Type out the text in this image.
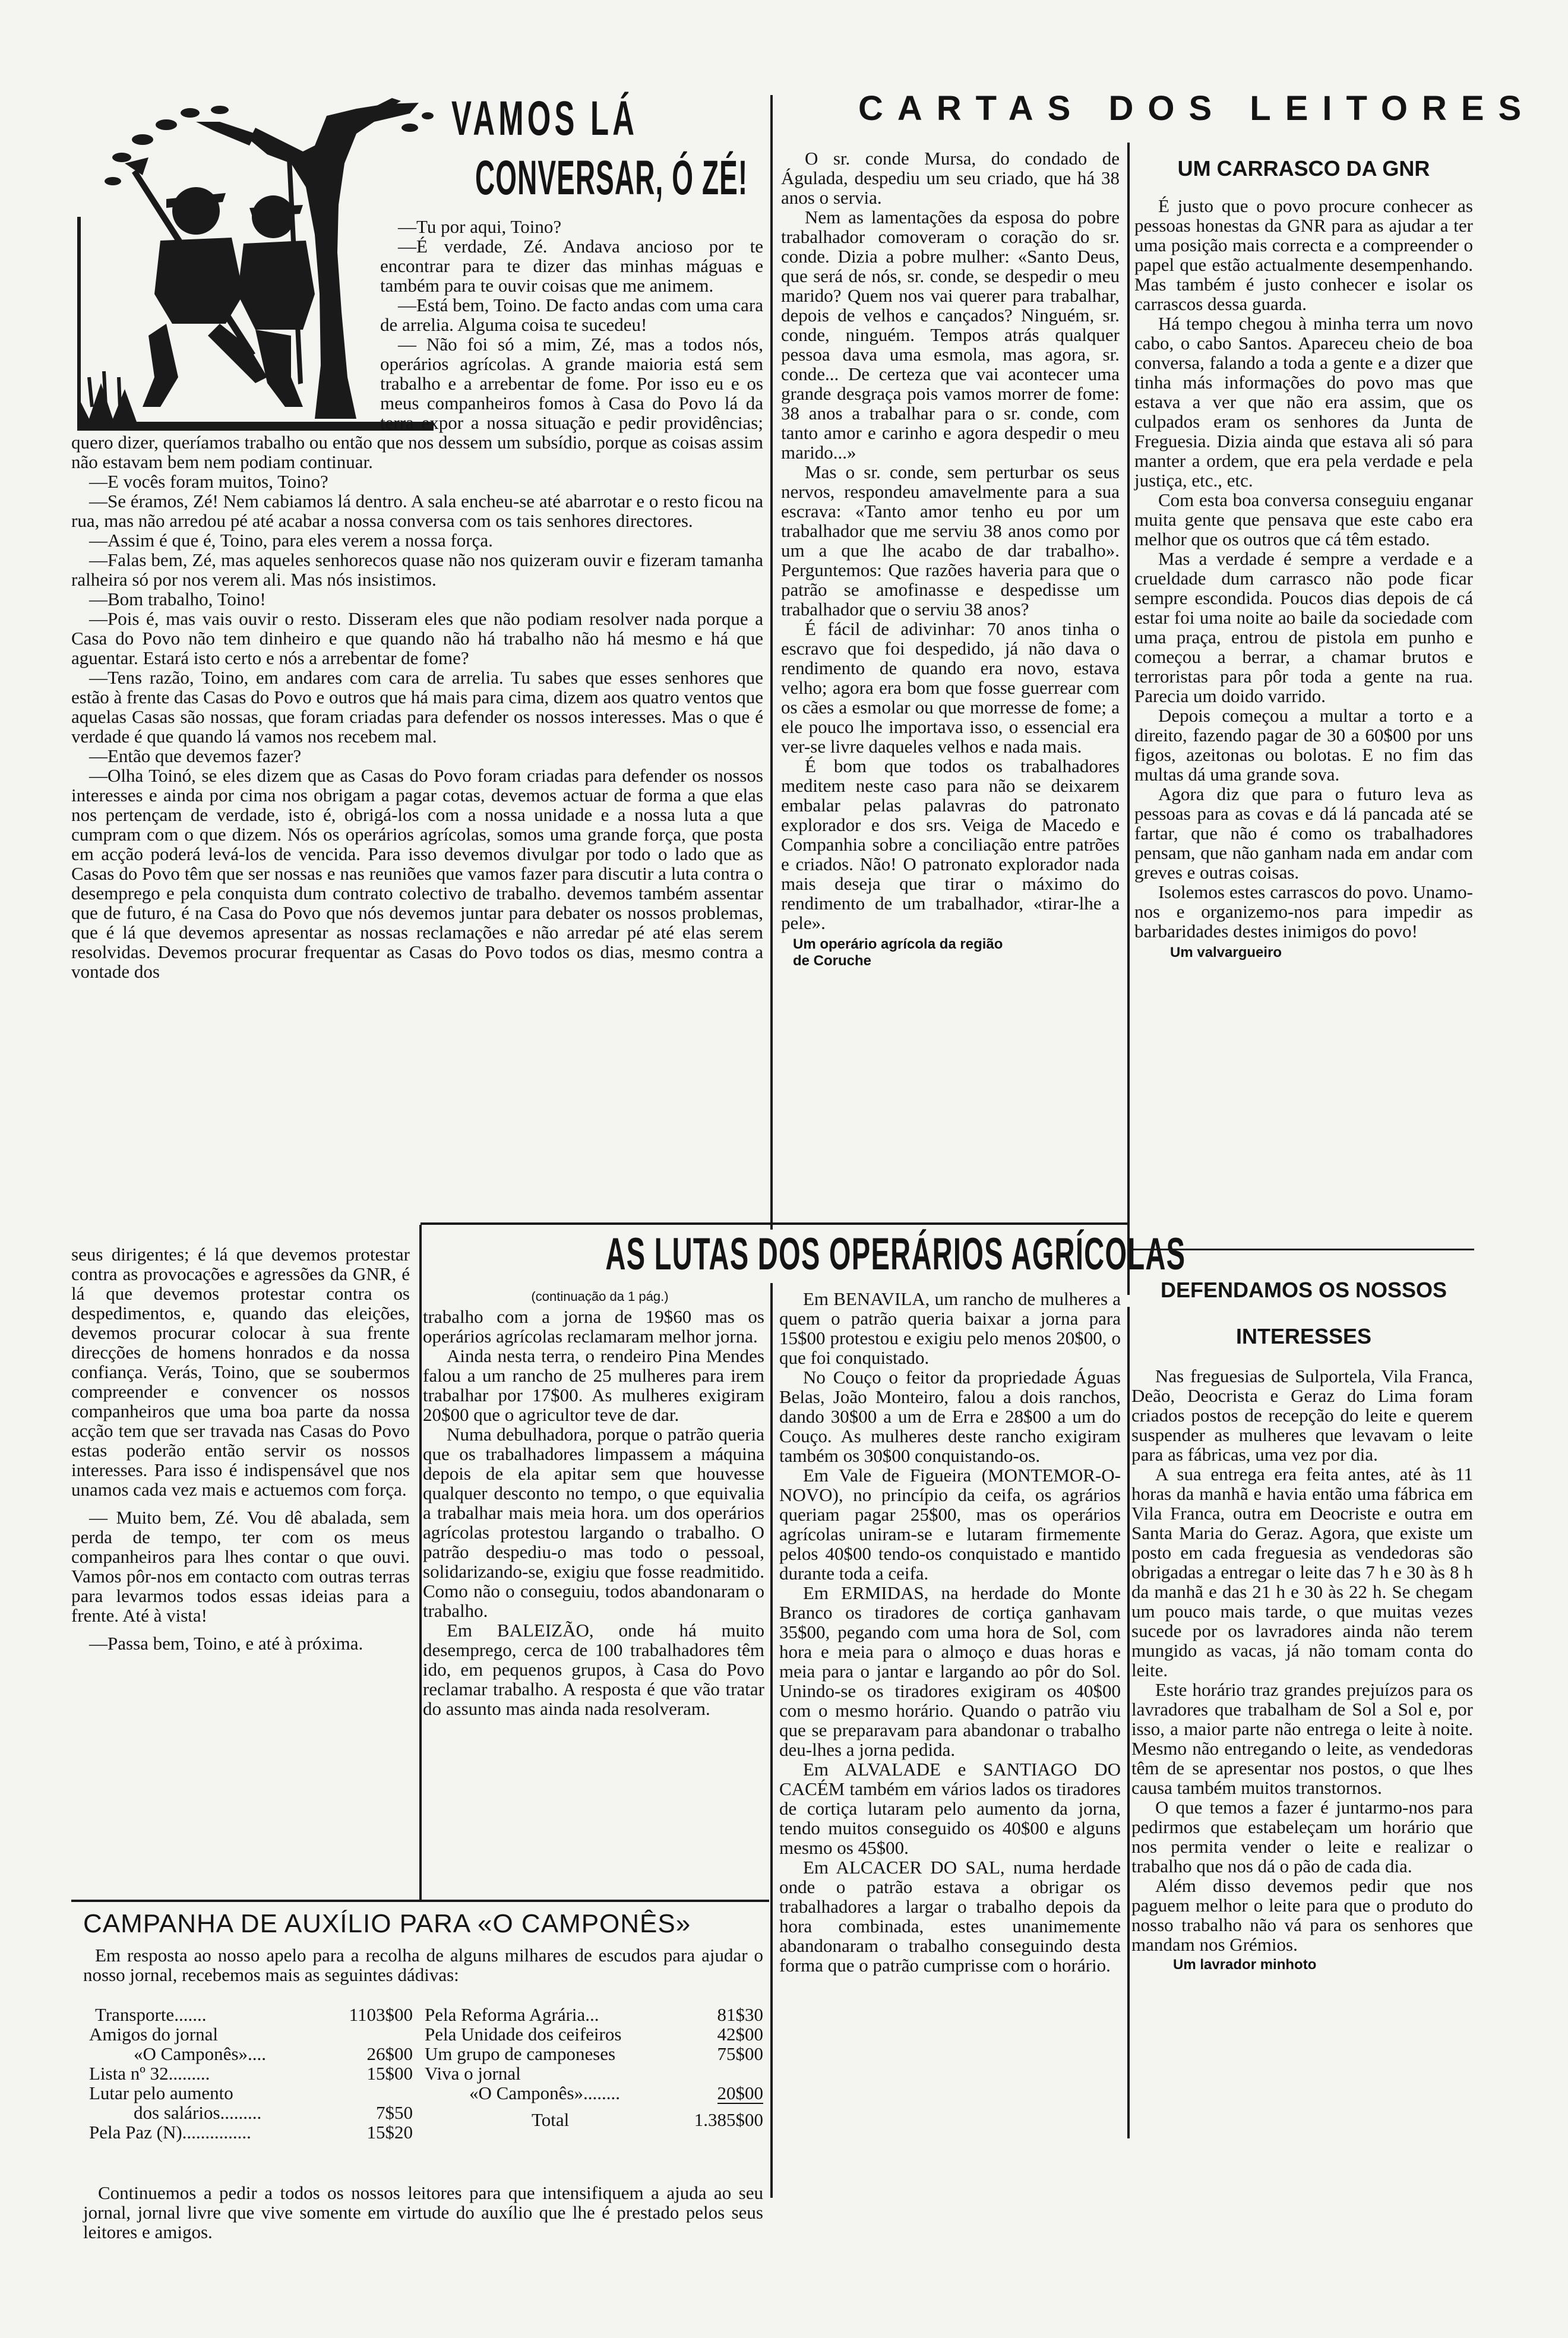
VAMOS LÁ
CONVERSAR, Ó ZÉ!

—Tu por aqui, Toino?

—É verdade, Zé. Andava ancioso por te encontrar para te dizer das minhas máguas e também para te ouvir coisas que me animem.

—Está bem, Toino. De facto andas com uma cara de arrelia. Alguma coisa te sucedeu!

— Não foi só a mim, Zé, mas a todos nós, operários agrícolas. A grande maioria está sem trabalho e a arrebentar de fome. Por isso eu e os meus companheiros fomos à Casa do Povo lá da terra expor a nossa situação e pedir providências; quero dizer, queríamos trabalho ou então que nos dessem um subsídio, porque as coisas assim não estavam bem nem podiam continuar.

—E vocês foram muitos, Toino?

—Se éramos, Zé! Nem cabiamos lá dentro. A sala encheu-se até abarrotar e o resto ficou na rua, mas não arredou pé até acabar a nossa conversa com os tais senhores directores.

—Assim é que é, Toino, para eles verem a nossa força.

—Falas bem, Zé, mas aqueles senhorecos quase não nos quizeram ouvir e fizeram tamanha ralheira só por nos verem ali. Mas nós insistimos.

—Bom trabalho, Toino!

—Pois é, mas vais ouvir o resto. Disseram eles que não podiam resolver nada porque a Casa do Povo não tem dinheiro e que quando não há trabalho não há mesmo e há que aguentar. Estará isto certo e nós a arrebentar de fome?

—Tens razão, Toino, em andares com cara de arrelia. Tu sabes que esses senhores que estão à frente das Casas do Povo e outros que há mais para cima, dizem aos quatro ventos que aquelas Casas são nossas, que foram criadas para defender os nossos interesses. Mas o que é verdade é que quando lá vamos nos recebem mal.

—Então que devemos fazer?

—Olha Toinó, se eles dizem que as Casas do Povo foram criadas para defender os nossos interesses e ainda por cima nos obrigam a pagar cotas, devemos actuar de forma a que elas nos pertençam de verdade, isto é, obrigá-los com a nossa unidade e a nossa luta a que cumpram com o que dizem. Nós os operários agrícolas, somos uma grande força, que posta em acção poderá levá-los de vencida. Para isso devemos divulgar por todo o lado que as Casas do Povo têm que ser nossas e nas reuniões que vamos fazer para discutir a luta contra o desemprego e pela conquista dum contrato colectivo de trabalho. devemos também assentar que de futuro, é na Casa do Povo que nós devemos juntar para debater os nossos problemas, que é lá que devemos apresentar as nossas reclamações e não arredar pé até elas serem resolvidas. Devemos procurar frequentar as Casas do Povo todos os dias, mesmo contra a vontade dos

seus dirigentes; é lá que devemos protestar contra as provocações e agressões da GNR, é lá que devemos protestar contra os despedimentos, e, quando das eleições, devemos procurar colocar à sua frente direcções de homens honrados e da nossa confiança. Verás, Toino, que se soubermos compreender e convencer os nossos companheiros que uma boa parte da nossa acção tem que ser travada nas Casas do Povo estas poderão então servir os nossos interesses. Para isso é indispensável que nos unamos cada vez mais e actuemos com força.

— Muito bem, Zé. Vou dê abalada, sem perda de tempo, ter com os meus companheiros para lhes contar o que ouvi. Vamos pôr-nos em contacto com outras terras para levarmos todos essas ideias para a frente. Até à vista!

—Passa bem, Toino, e até à próxima.

CARTAS DOS LEITORES

O sr. conde Mursa, do condado de Águlada, despediu um seu criado, que há 38 anos o servia.

Nem as lamentações da esposa do pobre trabalhador comoveram o coração do sr. conde. Dizia a pobre mulher: «Santo Deus, que será de nós, sr. conde, se despedir o meu marido? Quem nos vai querer para trabalhar, depois de velhos e cançados? Ninguém, sr. conde, ninguém. Tempos atrás qualquer pessoa dava uma esmola, mas agora, sr. conde... De certeza que vai acontecer uma grande desgraça pois vamos morrer de fome: 38 anos a trabalhar para o sr. conde, com tanto amor e carinho e agora despedir o meu marido...»

Mas o sr. conde, sem perturbar os seus nervos, respondeu amavelmente para a sua escrava: «Tanto amor tenho eu por um trabalhador que me serviu 38 anos como por um a que lhe acabo de dar trabalho». Perguntemos: Que razões haveria para que o patrão se amofinasse e despedisse um trabalhador que o serviu 38 anos?

É fácil de adivinhar: 70 anos tinha o escravo que foi despedido, já não dava o rendimento de quando era novo, estava velho; agora era bom que fosse guerrear com os cães a esmolar ou que morresse de fome; a ele pouco lhe importava isso, o essencial era ver-se livre daqueles velhos e nada mais.

É bom que todos os trabalhadores meditem neste caso para não se deixarem embalar pelas palavras do patronato explorador e dos srs. Veiga de Macedo e Companhia sobre a conciliação entre patrões e criados. Não! O patronato explorador nada mais deseja que tirar o máximo do rendimento de um trabalhador, «tirar-lhe a pele».

Um operário agrícola da região
de Coruche
UM CARRASCO DA GNR

É justo que o povo procure conhecer as pessoas honestas da GNR para as ajudar a ter uma posição mais correcta e a compreender o papel que estão actualmente desempenhando. Mas também é justo conhecer e isolar os carrascos dessa guarda.

Há tempo chegou à minha terra um novo cabo, o cabo Santos. Apareceu cheio de boa conversa, falando a toda a gente e a dizer que tinha más informações do povo mas que estava a ver que não era assim, que os culpados eram os senhores da Junta de Freguesia. Dizia ainda que estava ali só para manter a ordem, que era pela verdade e pela justiça, etc., etc.

Com esta boa conversa conseguiu enganar muita gente que pensava que este cabo era melhor que os outros que cá têm estado.

Mas a verdade é sempre a verdade e a crueldade dum carrasco não pode ficar sempre escondida. Poucos dias depois de cá estar foi uma noite ao baile da sociedade com uma praça, entrou de pistola em punho e começou a berrar, a chamar brutos e terroristas para pôr toda a gente na rua. Parecia um doido varrido.

Depois começou a multar a torto e a direito, fazendo pagar de 30 a 60$00 por uns figos, azeitonas ou bolotas. E no fim das multas dá uma grande sova.

Agora diz que para o futuro leva as pessoas para as covas e dá lá pancada até se fartar, que não é como os trabalhadores pensam, que não ganham nada em andar com greves e outras coisas.

Isolemos estes carrascos do povo. Unamo-nos e organizemo-nos para impedir as barbaridades destes inimigos do povo!

Um valvargueiro
AS LUTAS DOS OPERÁRIOS AGRÍCOLAS
(continuação da 1 pág.)

trabalho com a jorna de 19$60 mas os operários agrícolas reclamaram melhor jorna.

Ainda nesta terra, o rendeiro Pina Mendes falou a um rancho de 25 mulheres para irem trabalhar por 17$00. As mulheres exigiram 20$00 que o agricultor teve de dar.

Numa debulhadora, porque o patrão queria que os trabalhadores limpassem a máquina depois de ela apitar sem que houvesse qualquer desconto no tempo, o que equivalia a trabalhar mais meia hora. um dos operários agrícolas protestou largando o trabalho. O patrão despediu-o mas todo o pessoal, solidarizando-se, exigiu que fosse readmitido. Como não o conseguiu, todos abandonaram o trabalho.

Em BALEIZÃO, onde há muito desemprego, cerca de 100 trabalhadores têm ido, em pequenos grupos, à Casa do Povo reclamar trabalho. A resposta é que vão tratar do assunto mas ainda nada resolveram.

Em BENAVILA, um rancho de mulheres a quem o patrão queria baixar a jorna para 15$00 protestou e exigiu pelo menos 20$00, o que foi conquistado.

No Couço o feitor da propriedade Águas Belas, João Monteiro, falou a dois ranchos, dando 30$00 a um de Erra e 28$00 a um do Couço. As mulheres deste rancho exigiram também os 30$00 conquistando-os.

Em Vale de Figueira (MONTEMOR-O-NOVO), no princípio da ceifa, os agrários queriam pagar 25$00, mas os operários agrícolas uniram-se e lutaram firmemente pelos 40$00 tendo-os conquistado e mantido durante toda a ceifa.

Em ERMIDAS, na herdade do Monte Branco os tiradores de cortiça ganhavam 35$00, pegando com uma hora de Sol, com hora e meia para o almoço e duas horas e meia para o jantar e largando ao pôr do Sol. Unindo-se os tiradores exigiram os 40$00 com o mesmo horário. Quando o patrão viu que se preparavam para abandonar o trabalho deu-lhes a jorna pedida.

Em ALVALADE e SANTIAGO DO CACÉM também em vários lados os tiradores de cortiça lutaram pelo aumento da jorna, tendo muitos conseguido os 40$00 e alguns mesmo os 45$00.

Em ALCACER DO SAL, numa herdade onde o patrão estava a obrigar os trabalhadores a largar o trabalho depois da hora combinada, estes unanimemente abandonaram o trabalho conseguindo desta forma que o patrão cumprisse com o horário.

CAMPANHA DE AUXÍLIO PARA «O CAMPONÊS»

Em resposta ao nosso apelo para a recolha de alguns milhares de escudos para ajudar o nosso jornal, recebemos mais as seguintes dádivas:

Transporte.......	1103$00
Amigos do jornal
«O Camponês»....	26$00
Lista nº 32.........	15$00
Lutar pelo aumento
dos salários.........	7$50
Pela Paz (N)...............	15$20
Pela Reforma Agrária...	81$30
Pela Unidade dos ceifeiros	42$00
Um grupo de camponeses	75$00
Viva o jornal
«O Camponês»........	20$00
Total	1.385$00

Continuemos a pedir a todos os nossos leitores para que intensifiquem a ajuda ao seu jornal, jornal livre que vive somente em virtude do auxílio que lhe é prestado pelos seus leitores e amigos.

DEFENDAMOS OS NOSSOS
INTERESSES

Nas freguesias de Sulportela, Vila Franca, Deão, Deocrista e Geraz do Lima foram criados postos de recepção do leite e querem suspender as mulheres que levavam o leite para as fábricas, uma vez por dia.

A sua entrega era feita antes, até às 11 horas da manhã e havia então uma fábrica em Vila Franca, outra em Deocriste e outra em Santa Maria do Geraz. Agora, que existe um posto em cada freguesia as vendedoras são obrigadas a entregar o leite das 7 h e 30 às 8 h da manhã e das 21 h e 30 às 22 h. Se chegam um pouco mais tarde, o que muitas vezes sucede por os lavradores ainda não terem mungido as vacas, já não tomam conta do leite.

Este horário traz grandes prejuízos para os lavradores que trabalham de Sol a Sol e, por isso, a maior parte não entrega o leite à noite. Mesmo não entregando o leite, as vendedoras têm de se apresentar nos postos, o que lhes causa também muitos transtornos.

O que temos a fazer é juntarmo-nos para pedirmos que estabeleçam um horário que nos permita vender o leite e realizar o trabalho que nos dá o pão de cada dia.

Além disso devemos pedir que nos paguem melhor o leite para que o produto do nosso trabalho não vá para os senhores que mandam nos Grémios.

Um lavrador minhoto
